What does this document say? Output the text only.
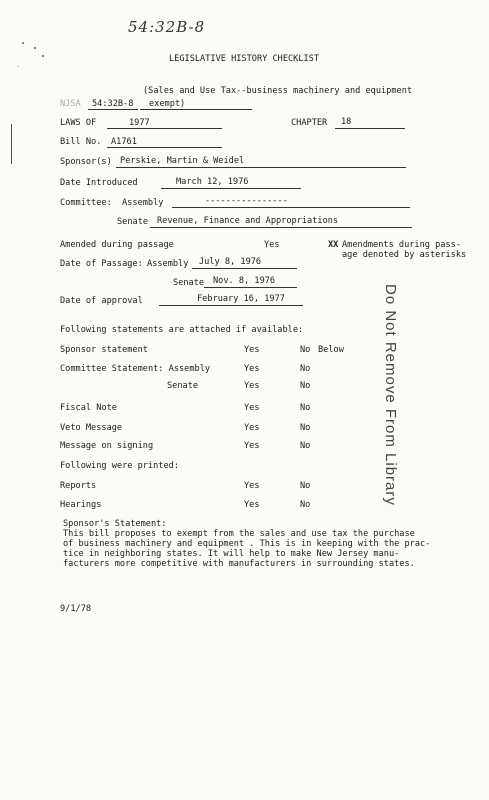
54:32B-8
LEGISLATIVE HISTORY CHECKLIST
(Sales and Use Tax--business machinery and equipment
NJSA 54:32B-8 exempt)
LAWS OF	1977	CHAPTER 18
Bill No. A1761
Sponsor(s) Perskie, Martin & Weidel
Date Introduced	March 12, 1976
Committee: Assembly	----------------
Senate Revenue, Finance and Appropriations
Amended during passage	Yes	XX Amendments during pass-
age denoted by asterisks
Date of Passage: Assembly July 8, 1976
Senate Nov. 8, 1976
Date of approval	February 16, 1977
Following statements are attached if available:
Sponsor statement	Yes	No Below
Committee Statement: Assembly	Yes	No
Senate	Yes	No
Fiscal Note	Yes	No
Veto Message	Yes	No
Message on signing	Yes	No
Following were printed:
Reports	Yes	No
Hearings	Yes	No
Sponsor's Statement:
This bill proposes to exempt from the sales and use tax the purchase
of business machinery and equipment . This is in keeping with the prac-
tice in neighboring states. It will help to make New Jersey manu-
facturers more competitive with manufacturers in surrounding states.
9/1/78
Do Not Remove From Library
